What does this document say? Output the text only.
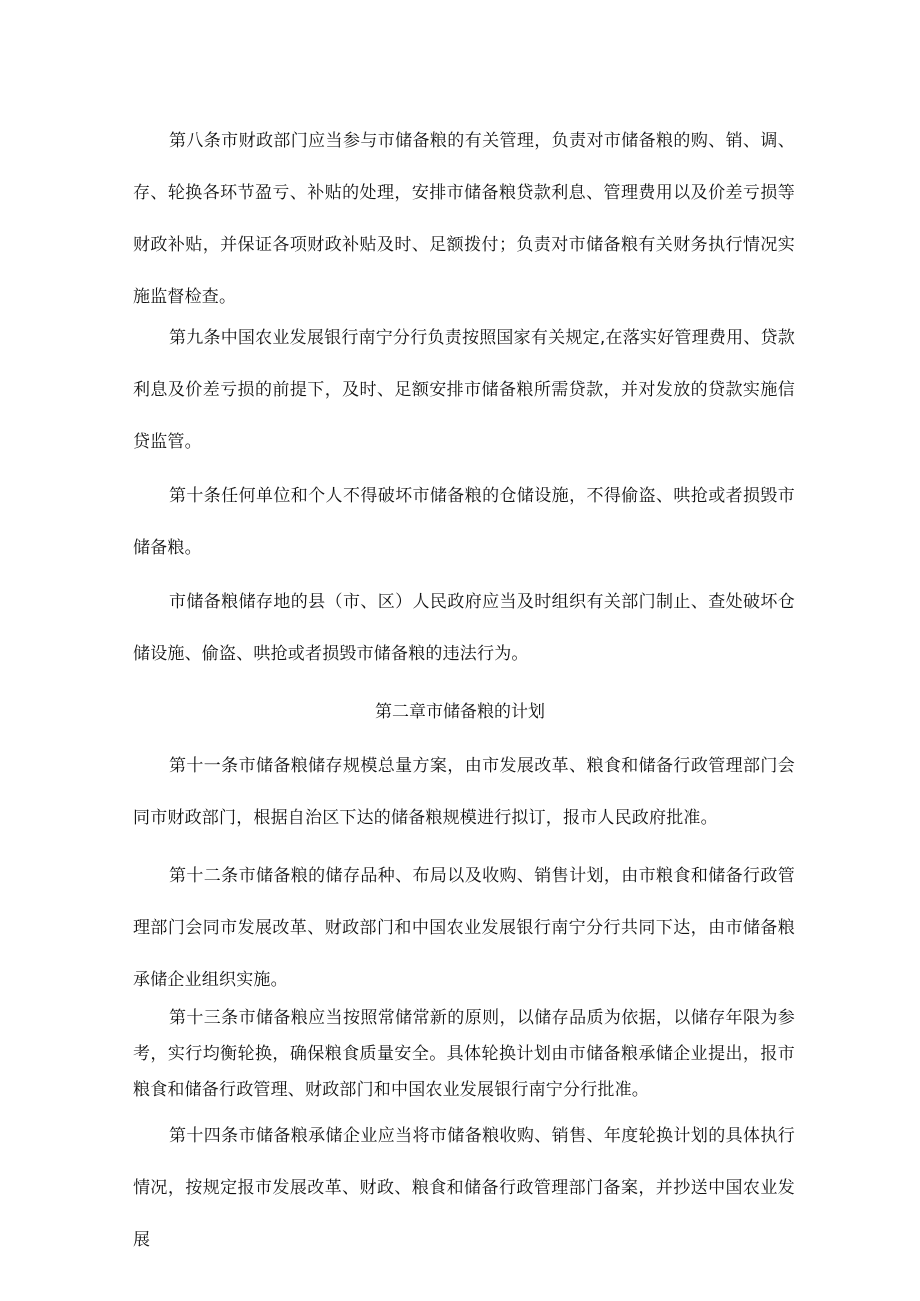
第八条市财政部门应当参与市储备粮的有关管理，负责对市储备粮的购、销、调、存、轮换各环节盈亏、补贴的处理，安排市储备粮贷款利息、管理费用以及价差亏损等财政补贴，并保证各项财政补贴及时、足额拨付；负责对市储备粮有关财务执行情况实施监督检查。

第九条中国农业发展银行南宁分行负责按照国家有关规定,在落实好管理费用、贷款利息及价差亏损的前提下，及时、足额安排市储备粮所需贷款，并对发放的贷款实施信贷监管。

第十条任何单位和个人不得破坏市储备粮的仓储设施，不得偷盗、哄抢或者损毁市储备粮。

市储备粮储存地的县（市、区）人民政府应当及时组织有关部门制止、查处破坏仓储设施、偷盗、哄抢或者损毁市储备粮的违法行为。

第二章市储备粮的计划

第十一条市储备粮储存规模总量方案，由市发展改革、粮食和储备行政管理部门会同市财政部门，根据自治区下达的储备粮规模进行拟订，报市人民政府批准。

第十二条市储备粮的储存品种、布局以及收购、销售计划，由市粮食和储备行政管理部门会同市发展改革、财政部门和中国农业发展银行南宁分行共同下达，由市储备粮承储企业组织实施。

第十三条市储备粮应当按照常储常新的原则，以储存品质为依据，以储存年限为参考，实行均衡轮换，确保粮食质量安全。具体轮换计划由市储备粮承储企业提出，报市粮食和储备行政管理、财政部门和中国农业发展银行南宁分行批准。

第十四条市储备粮承储企业应当将市储备粮收购、销售、年度轮换计划的具体执行情况，按规定报市发展改革、财政、粮食和储备行政管理部门备案，并抄送中国农业发展
